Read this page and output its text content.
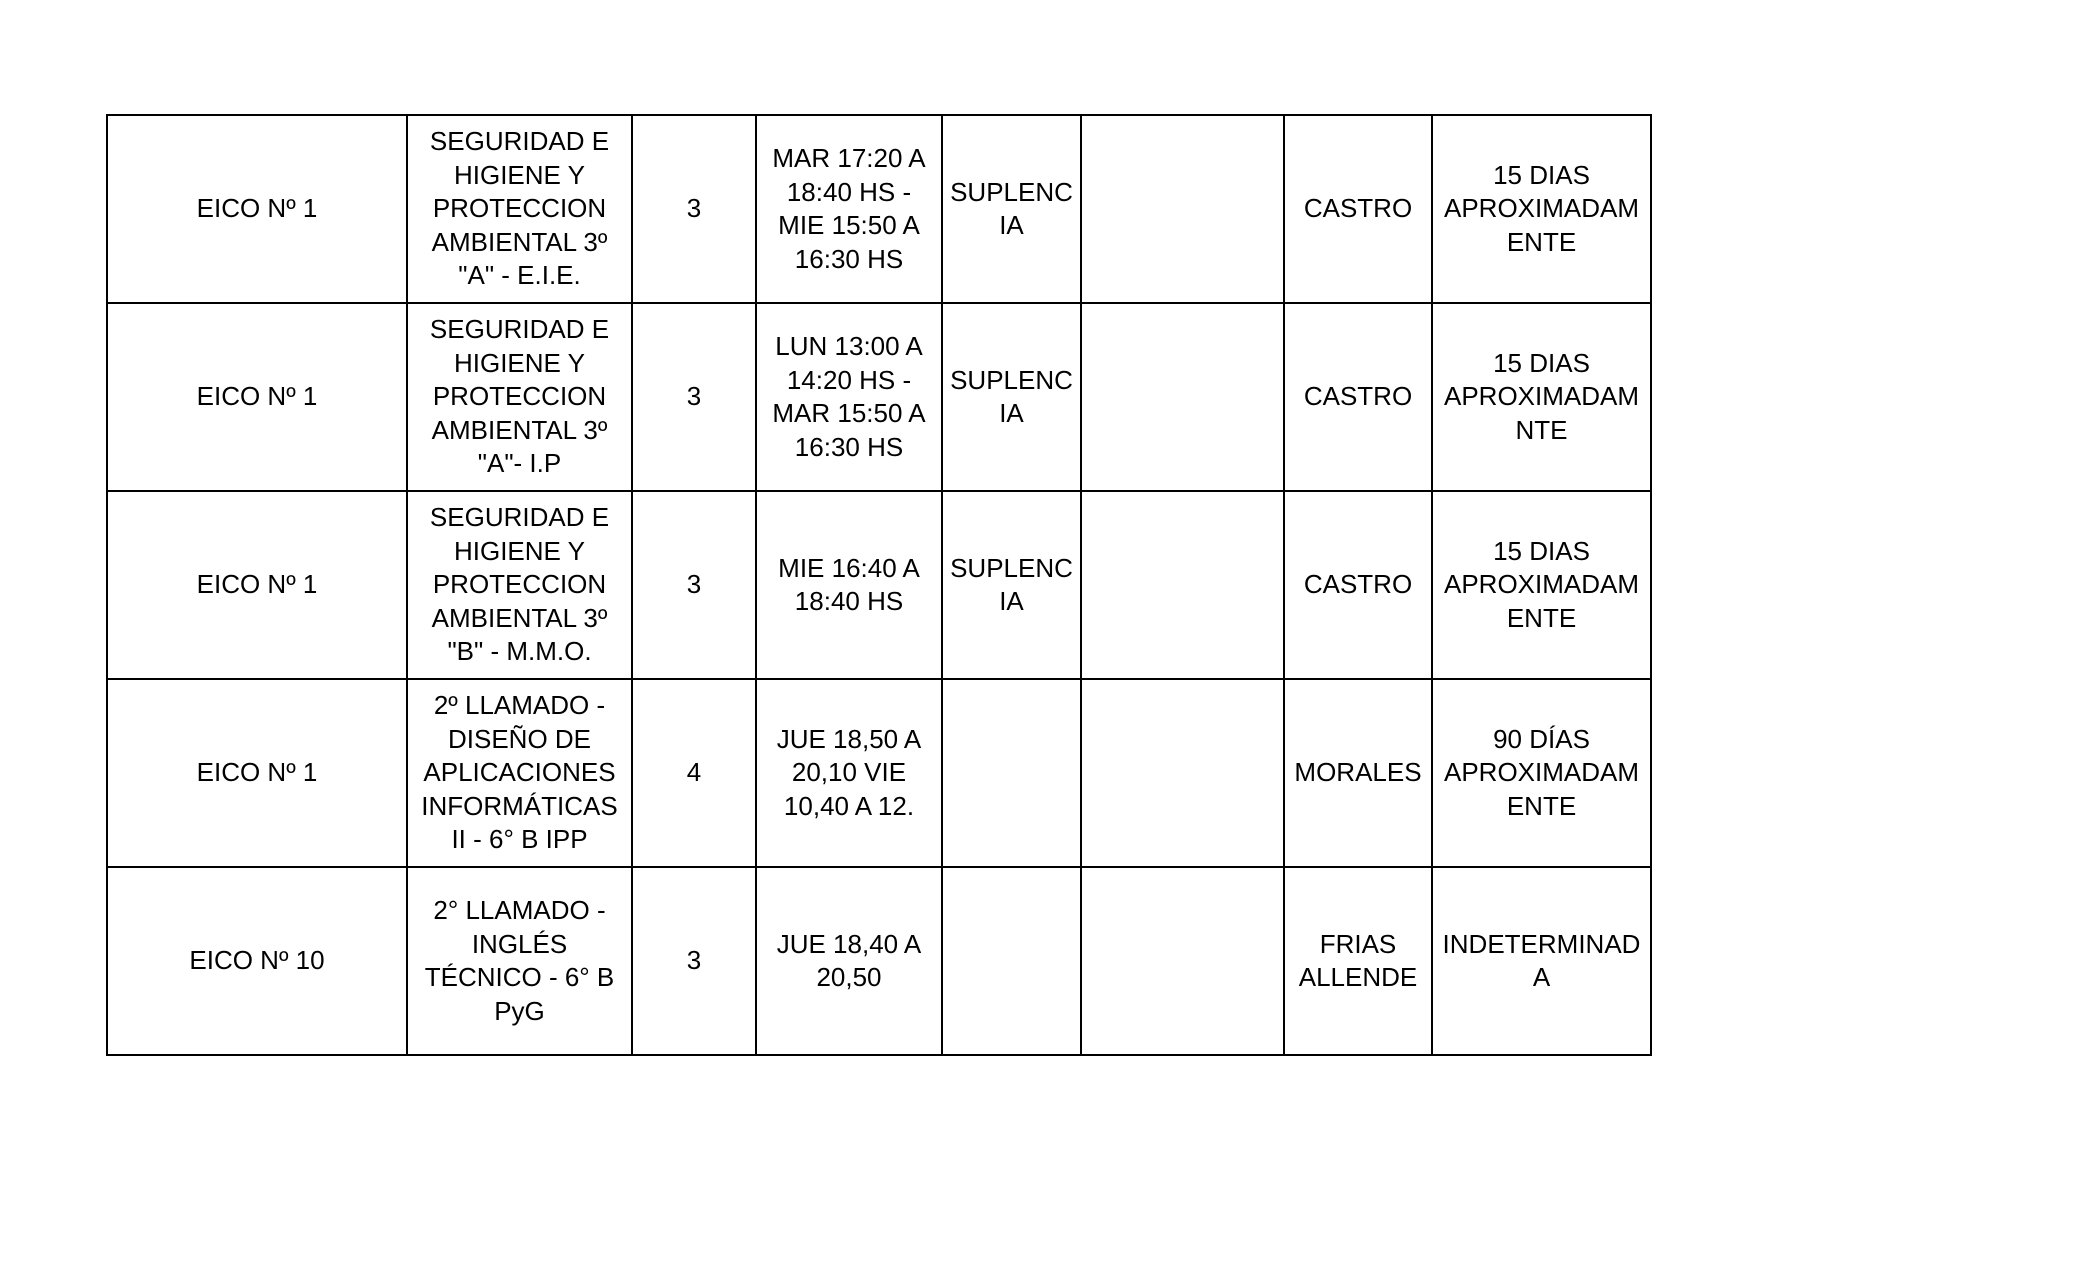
EICO Nº 1	SEGURIDAD E
HIGIENE Y
PROTECCION
AMBIENTAL 3º
"A" - E.I.E.	3	MAR 17:20 A
18:40 HS -
MIE 15:50 A
16:30 HS	SUPLENC
IA		CASTRO	15 DIAS
APROXIMADAM
ENTE

EICO Nº 1	SEGURIDAD E
HIGIENE Y
PROTECCION
AMBIENTAL 3º
"A"- I.P	3	LUN 13:00 A
14:20 HS -
MAR 15:50 A
16:30 HS	SUPLENC
IA		CASTRO	15 DIAS
APROXIMADAM
NTE

EICO Nº 1	SEGURIDAD E
HIGIENE Y
PROTECCION
AMBIENTAL 3º
"B" - M.M.O.	3	MIE 16:40 A
18:40 HS	SUPLENC
IA		CASTRO	15 DIAS
APROXIMADAM
ENTE

EICO Nº 1	2º LLAMADO -
DISEÑO DE
APLICACIONES
INFORMÁTICAS
II - 6° B IPP	4	JUE 18,50 A
20,10 VIE
10,40 A 12.			MORALES	90 DÍAS
APROXIMADAM
ENTE

EICO Nº 10	2° LLAMADO -
INGLÉS
TÉCNICO - 6° B
PyG	3	JUE 18,40 A
20,50			FRIAS
ALLENDE	INDETERMINAD
A
